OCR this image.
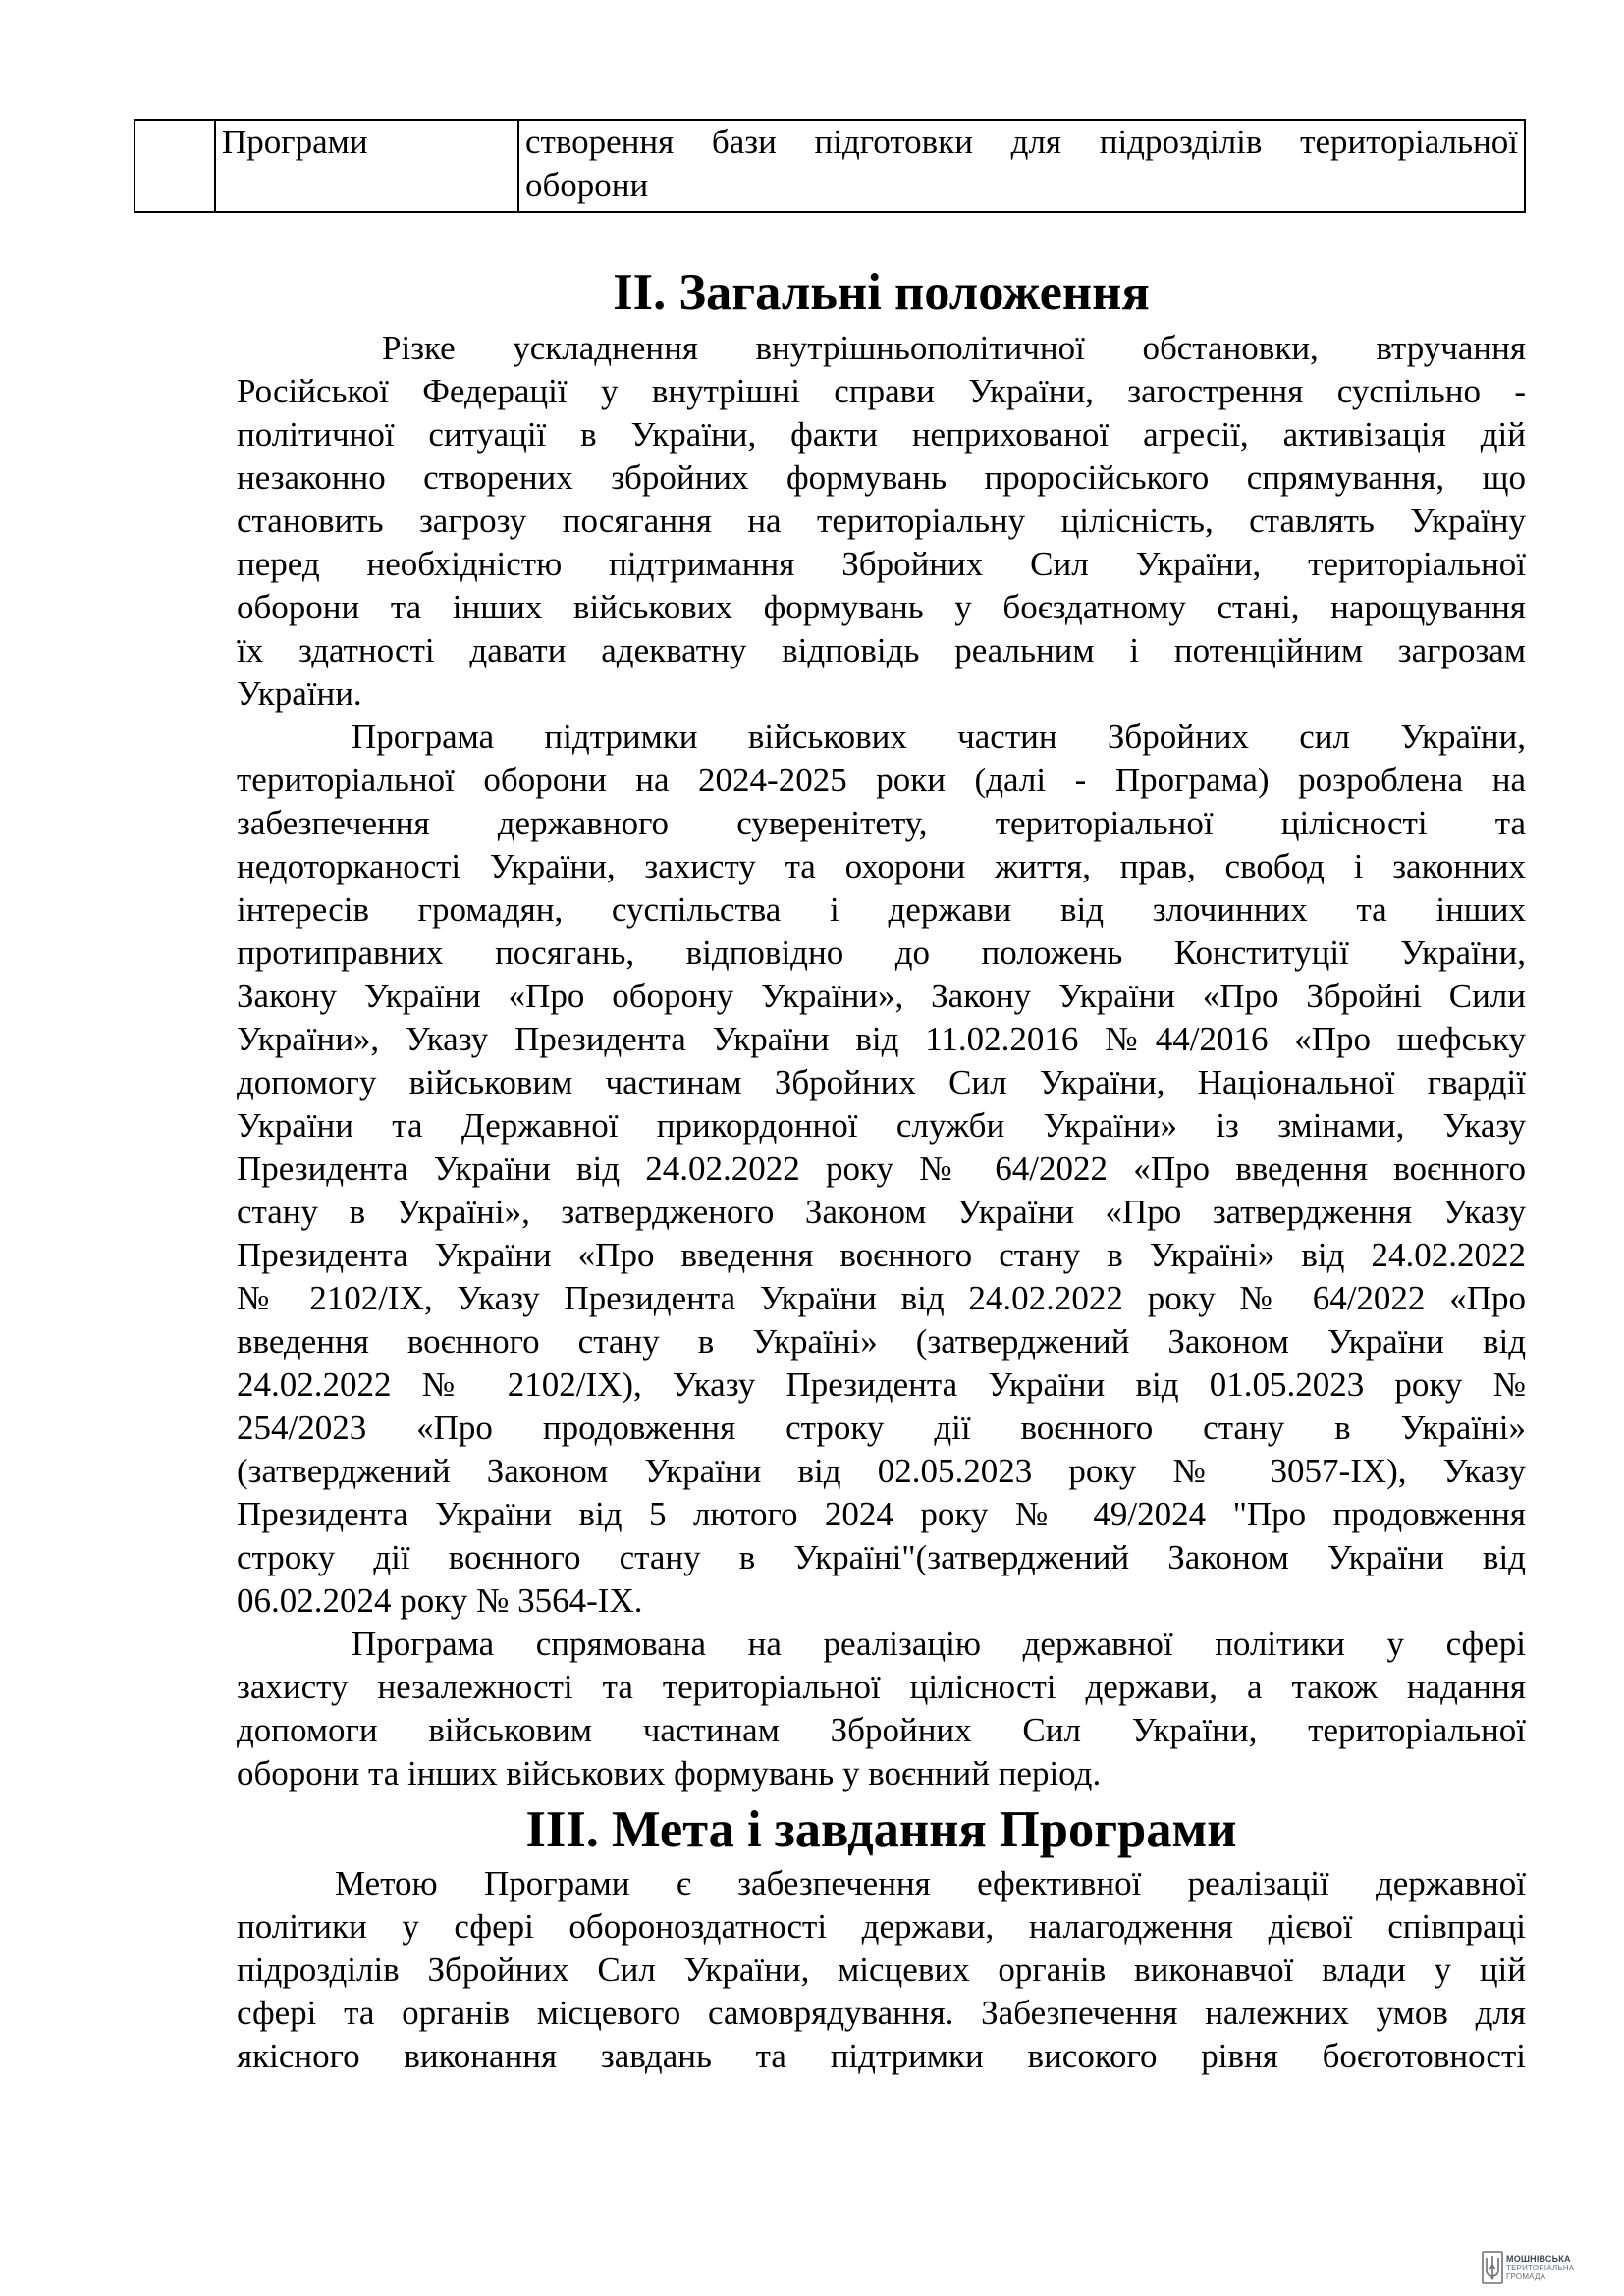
	Програми	створення бази підготовки для підрозділів територіальної
оборони
II. Загальні положення

Різке ускладнення внутрішньополітичної обстановки, втручання
Російської Федерації у внутрішні справи України, загострення суспільно -
політичної ситуації в України, факти неприхованої агресії, активізація дій
незаконно створених збройних формувань проросійського спрямування, що
становить загрозу посягання на територіальну цілісність, ставлять Україну
перед необхідністю підтримання Збройних Сил України, територіальної
оборони та інших військових формувань у боєздатному стані, нарощування
їх здатності давати адекватну відповідь реальним і потенційним загрозам
України.

Програма підтримки військових частин Збройних сил України,
територіальної оборони на 2024-2025 роки (далі - Програма) розроблена на
забезпечення державного суверенітету, територіальної цілісності та
недоторканості України, захисту та охорони життя, прав, свобод і законних
інтересів громадян, суспільства і держави від злочинних та інших
протиправних посягань, відповідно до положень Конституції України,
Закону України «Про оборону України», Закону України «Про Збройні Сили
України», Указу Президента України від 11.02.2016 №44/2016 «Про шефську
допомогу військовим частинам Збройних Сил України, Національної гвардії
України та Державної прикордонної служби України» із змінами, Указу
Президента України від 24.02.2022 року № 64/2022 «Про введення воєнного
стану в Україні», затвердженого Законом України «Про затвердження Указу
Президента України «Про введення воєнного стану в Україні» від 24.02.2022
№ 2102/IX, Указу Президента України від 24.02.2022 року № 64/2022 «Про
введення воєнного стану в Україні» (затверджений Законом України від
24.02.2022 № 2102/IX), Указу Президента України від 01.05.2023 року №
254/2023 «Про продовження строку дії воєнного стану в Україні»
(затверджений Законом України від 02.05.2023 року № 3057-IX), Указу
Президента України від 5 лютого 2024 року № 49/2024 "Про продовження
строку дії воєнного стану в Україні"(затверджений Законом України від
06.02.2024 року № 3564-IX.

Програма спрямована на реалізацію державної політики у сфері
захисту незалежності та територіальної цілісності держави, а також надання
допомоги військовим частинам Збройних Сил України, територіальної
оборони та інших військових формувань у воєнний період.

III. Мета і завдання Програми

Метою Програми є забезпечення ефективної реалізації державної
політики у сфері обороноздатності держави, налагодження дієвої співпраці
підрозділів Збройних Сил України, місцевих органів виконавчої влади у цій
сфері та органів місцевого самоврядування. Забезпечення належних умов для
якісного виконання завдань та підтримки високого рівня боєготовності

МОШНІВСЬКА
ТЕРИТОРІАЛЬНА
ГРОМАДА
